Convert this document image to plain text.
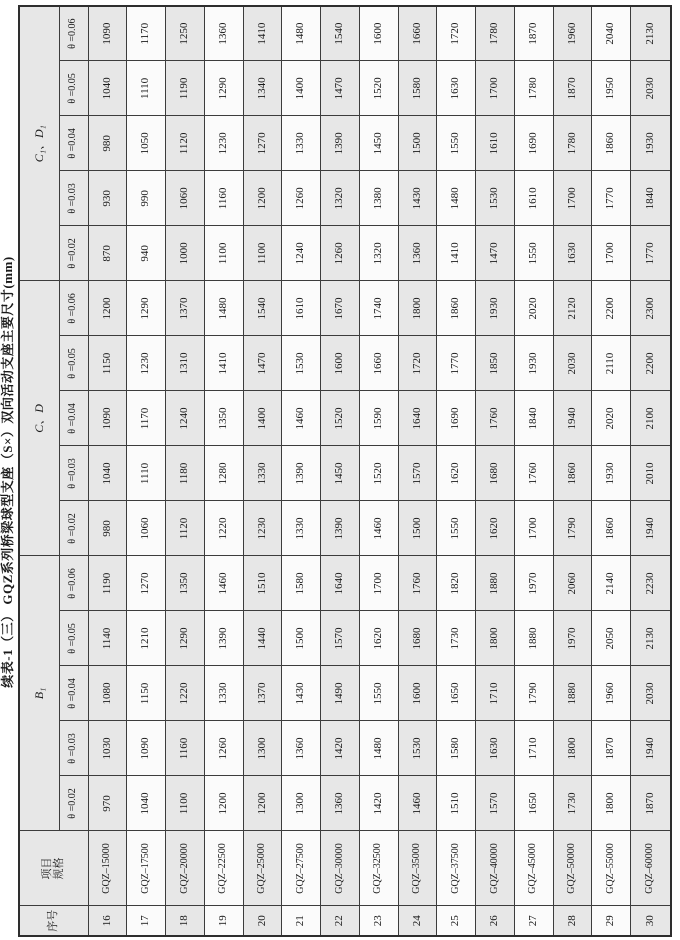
续表-1（三） GQZ系列桥梁球型支座（S×）双向活动支座主要尺寸(mm)
序号	项目 规格	B₁					C、D					C₁、D₁				
		θ =0.02	θ =0.03	θ =0.04	θ =0.05	θ =0.06	θ =0.02	θ =0.03	θ =0.04	θ =0.05	θ =0.06	θ =0.02	θ =0.03	θ =0.04	θ =0.05	θ =0.06
16	GQZ–15000	970	1030	1080	1140	1190	980	1040	1090	1150	1200	870	930	980	1040	1090
17	GQZ–17500	1040	1090	1150	1210	1270	1060	1110	1170	1230	1290	940	990	1050	1110	1170
18	GQZ–20000	1100	1160	1220	1290	1350	1120	1180	1240	1310	1370	1000	1060	1120	1190	1250
19	GQZ–22500	1200	1260	1330	1390	1460	1220	1280	1350	1410	1480	1100	1160	1230	1290	1360
20	GQZ–25000	1200	1300	1370	1440	1510	1230	1330	1400	1470	1540	1100	1200	1270	1340	1410
21	GQZ–27500	1300	1360	1430	1500	1580	1330	1390	1460	1530	1610	1240	1260	1330	1400	1480
22	GQZ–30000	1360	1420	1490	1570	1640	1390	1450	1520	1600	1670	1260	1320	1390	1470	1540
23	GQZ–32500	1420	1480	1550	1620	1700	1460	1520	1590	1660	1740	1320	1380	1450	1520	1600
24	GQZ–35000	1460	1530	1600	1680	1760	1500	1570	1640	1720	1800	1360	1430	1500	1580	1660
25	GQZ–37500	1510	1580	1650	1730	1820	1550	1620	1690	1770	1860	1410	1480	1550	1630	1720
26	GQZ–40000	1570	1630	1710	1800	1880	1620	1680	1760	1850	1930	1470	1530	1610	1700	1780
27	GQZ–45000	1650	1710	1790	1880	1970	1700	1760	1840	1930	2020	1550	1610	1690	1780	1870
28	GQZ–50000	1730	1800	1880	1970	2060	1790	1860	1940	2030	2120	1630	1700	1780	1870	1960
29	GQZ–55000	1800	1870	1960	2050	2140	1860	1930	2020	2110	2200	1700	1770	1860	1950	2040
30	GQZ–60000	1870	1940	2030	2130	2230	1940	2010	2100	2200	2300	1770	1840	1930	2030	2130
